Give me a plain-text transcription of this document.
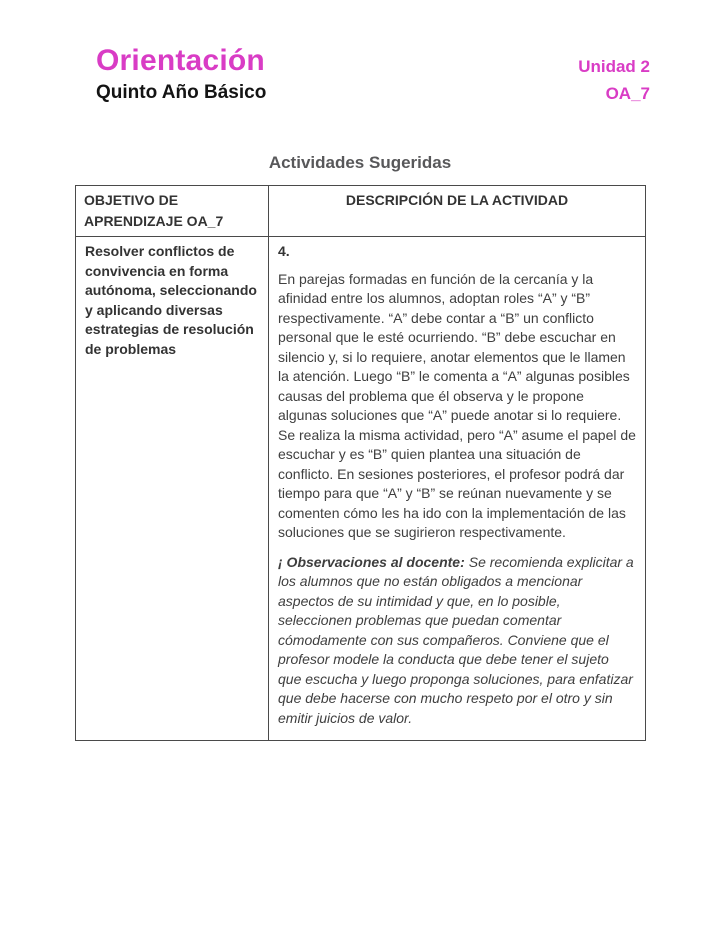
Orientación
Quinto Año Básico
Unidad 2
OA_7
Actividades Sugeridas
OBJETIVO DE APRENDIZAJE OA_7	DESCRIPCIÓN DE LA ACTIVIDAD
Resolver conflictos de convivencia en forma autónoma, seleccionando y aplicando diversas estrategias de resolución de problemas	4.

En parejas formadas en función de la cercanía y la afinidad entre los alumnos, adoptan roles “A” y “B” respectivamente. “A” debe contar a “B” un conflicto personal que le esté ocurriendo. “B” debe escuchar en silencio y, si lo requiere, anotar elementos que le llamen la atención. Luego “B” le comenta a “A” algunas posibles causas del problema que él observa y le propone algunas soluciones que “A” puede anotar si lo requiere. Se realiza la misma actividad, pero “A” asume el papel de escuchar y es “B” quien plantea una situación de conflicto. En sesiones posteriores, el profesor podrá dar tiempo para que “A” y “B” se reúnan nuevamente y se comenten cómo les ha ido con la implementación de las soluciones que se sugirieron respectivamente.

¡ Observaciones al docente: Se recomienda explicitar a los alumnos que no están obligados a mencionar aspectos de su intimidad y que, en lo posible, seleccionen problemas que puedan comentar cómodamente con sus compañeros. Conviene que el profesor modele la conducta que debe tener el sujeto que escucha y luego proponga soluciones, para enfatizar que debe hacerse con mucho respeto por el otro y sin emitir juicios de valor.
